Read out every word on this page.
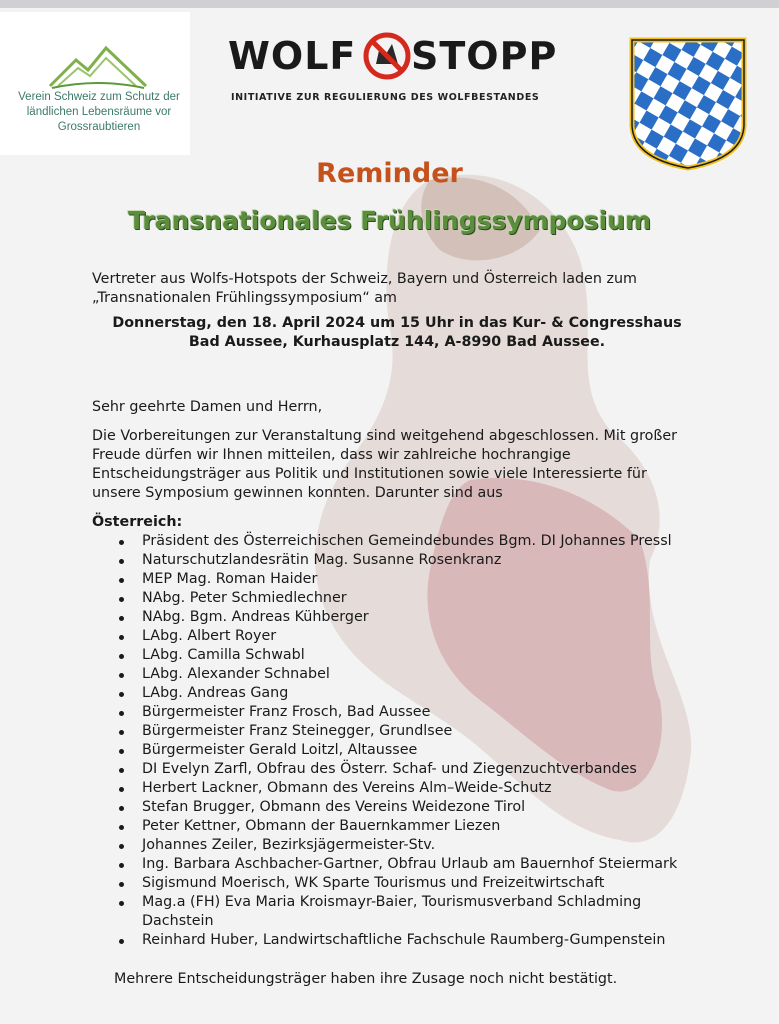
Verein Schweiz zum Schutz der ländlichen Lebensräume vor Grossraubtieren
WOLF STOPP
INITIATIVE ZUR REGULIERUNG DES WOLFBESTANDES
Reminder
Transnationales Frühlingssymposium

Vertreter aus Wolfs-Hotspots der Schweiz, Bayern und Österreich laden zum
„Transnationalen Frühlingssymposium“ am

Donnerstag, den 18. April 2024 um 15 Uhr in das Kur- & Congresshaus
Bad Aussee, Kurhausplatz 144, A-8990 Bad Aussee.

Sehr geehrte Damen und Herrn,

Die Vorbereitungen zur Veranstaltung sind weitgehend abgeschlossen. Mit großer Freude dürfen wir Ihnen mitteilen, dass wir zahlreiche hochrangige Entscheidungsträger aus Politik und Institutionen sowie viele Interessierte für unsere Symposium gewinnen konnten. Darunter sind aus

Österreich:

Präsident des Österreichischen Gemeindebundes Bgm. DI Johannes Pressl
Naturschutzlandesrätin Mag. Susanne Rosenkranz
MEP Mag. Roman Haider
NAbg. Peter Schmiedlechner
NAbg. Bgm. Andreas Kühberger
LAbg. Albert Royer
LAbg. Camilla Schwabl
LAbg. Alexander Schnabel
LAbg. Andreas Gang
Bürgermeister Franz Frosch, Bad Aussee
Bürgermeister Franz Steinegger, Grundlsee
Bürgermeister Gerald Loitzl, Altaussee
DI Evelyn Zarfl, Obfrau des Österr. Schaf- und Ziegenzuchtverbandes
Herbert Lackner, Obmann des Vereins Alm–Weide-Schutz
Stefan Brugger, Obmann des Vereins Weidezone Tirol
Peter Kettner, Obmann der Bauernkammer Liezen
Johannes Zeiler, Bezirksjägermeister-Stv.
Ing. Barbara Aschbacher-Gartner, Obfrau Urlaub am Bauernhof Steiermark
Sigismund Moerisch, WK Sparte Tourismus und Freizeitwirtschaft
Mag.a (FH) Eva Maria Kroismayr-Baier, Tourismusverband Schladming Dachstein
Reinhard Huber, Landwirtschaftliche Fachschule Raumberg-Gumpenstein

Mehrere Entscheidungsträger haben ihre Zusage noch nicht bestätigt.
